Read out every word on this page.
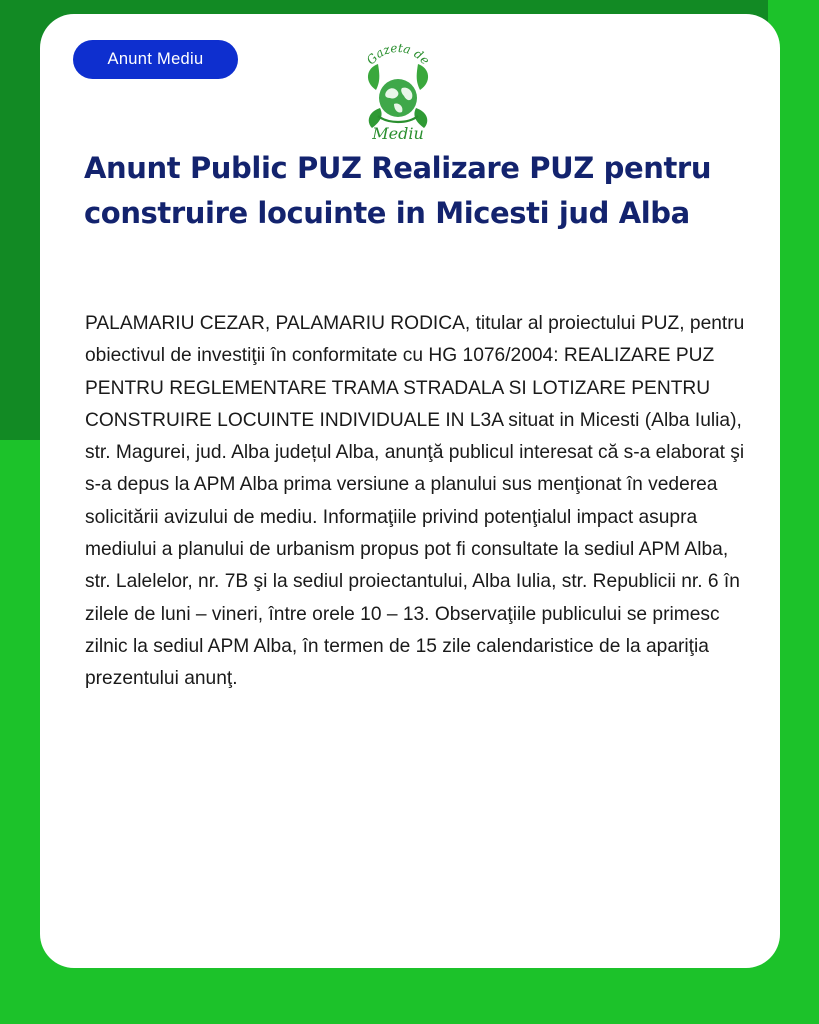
Anunt Mediu	Gazeta de
Mediu
Anunt Public PUZ Realizare PUZ pentru construire locuinte in Micesti jud Alba

PALAMARIU CEZAR, PALAMARIU RODICA, titular al proiectului PUZ, pentru obiectivul de investiţii în conformitate cu HG 1076/2004: REALIZARE PUZ PENTRU REGLEMENTARE TRAMA STRADALA SI LOTIZARE PENTRU CONSTRUIRE LOCUINTE INDIVIDUALE IN L3A situat in Micesti (Alba Iulia), str. Magurei, jud. Alba județul Alba, anunţă publicul interesat că s-a elaborat şi s-a depus la APM Alba prima versiune a planului sus menţionat în vederea solicitării avizului de mediu. Informaţiile privind potenţialul impact asupra mediului a planului de urbanism propus pot fi consultate la sediul APM Alba, str. Lalelelor, nr. 7B şi la sediul proiectantului, Alba Iulia, str. Republicii nr. 6 în zilele de luni – vineri, între orele 10 – 13. Observaţiile publicului se primesc zilnic la sediul APM Alba, în termen de 15 zile calendaristice de la apariţia prezentului anunţ.
